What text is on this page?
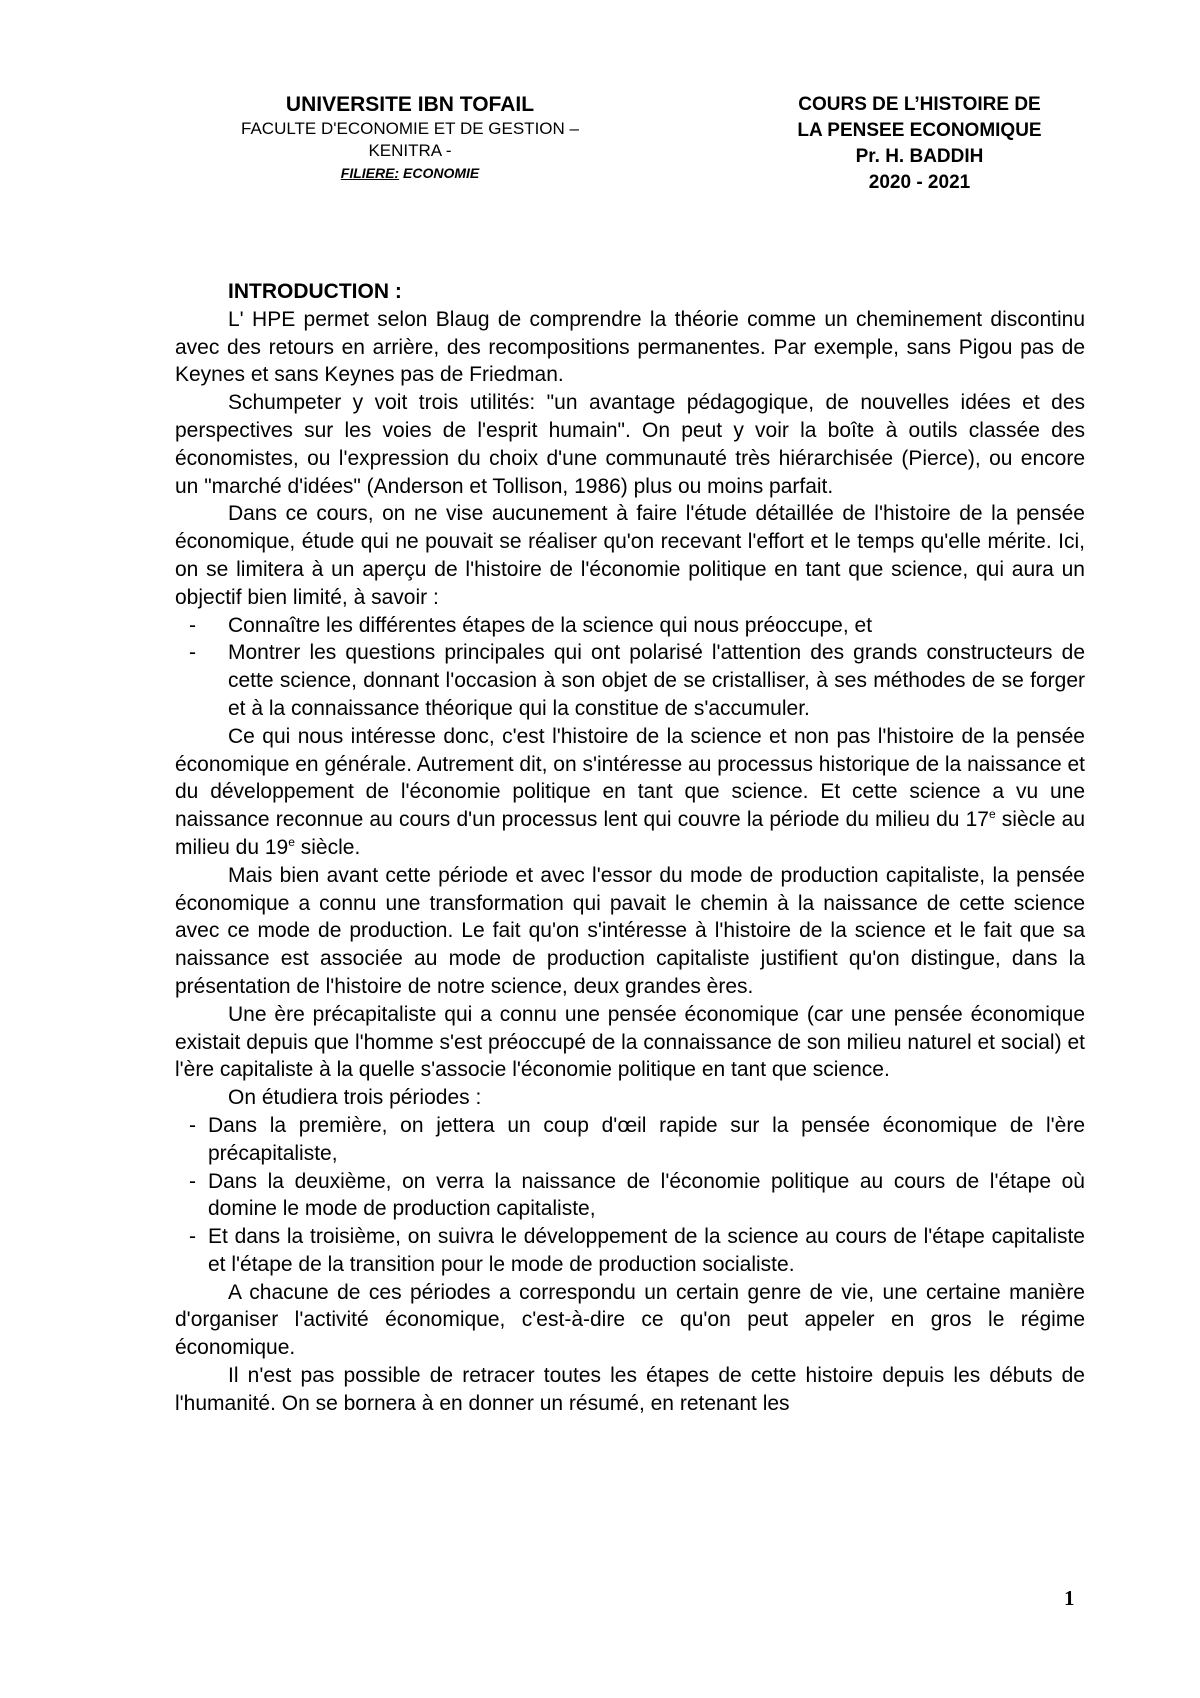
UNIVERSITE IBN TOFAIL
FACULTE D'ECONOMIE ET DE GESTION –
KENITRA -
FILIERE: ECONOMIE
COURS DE L’HISTOIRE DE
LA PENSEE ECONOMIQUE
Pr. H. BADDIH
2020 - 2021

INTRODUCTION :

L' HPE permet selon Blaug de comprendre la théorie comme un cheminement discontinu avec des retours en arrière, des recompositions permanentes. Par exemple, sans Pigou pas de Keynes et sans Keynes pas de Friedman.

Schumpeter y voit trois utilités: "un avantage pédagogique, de nouvelles idées et des perspectives sur les voies de l'esprit humain". On peut y voir la boîte à outils classée des économistes, ou l'expression du choix d'une communauté très hiérarchisée (Pierce), ou encore un "marché d'idées" (Anderson et Tollison, 1986) plus ou moins parfait.

Dans ce cours, on ne vise aucunement à faire l'étude détaillée de l'histoire de la pensée économique, étude qui ne pouvait se réaliser qu'on recevant l'effort et le temps qu'elle mérite. Ici, on se limitera à un aperçu de l'histoire de l'économie politique en tant que science, qui aura un objectif bien limité, à savoir :

- Connaître les différentes étapes de la science qui nous préoccupe, et

- Montrer les questions principales qui ont polarisé l'attention des grands constructeurs de cette science, donnant l'occasion à son objet de se cristalliser, à ses méthodes de se forger et à la connaissance théorique qui la constitue de s'accumuler.

Ce qui nous intéresse donc, c'est l'histoire de la science et non pas l'histoire de la pensée économique en générale. Autrement dit, on s'intéresse au processus historique de la naissance et du développement de l'économie politique en tant que science. Et cette science a vu une naissance reconnue au cours d'un processus lent qui couvre la période du milieu du 17e siècle au milieu du 19e siècle.

Mais bien avant cette période et avec l'essor du mode de production capitaliste, la pensée économique a connu une transformation qui pavait le chemin à la naissance de cette science avec ce mode de production. Le fait qu'on s'intéresse à l'histoire de la science et le fait que sa naissance est associée au mode de production capitaliste justifient qu'on distingue, dans la présentation de l'histoire de notre science, deux grandes ères.

Une ère précapitaliste qui a connu une pensée économique (car une pensée économique existait depuis que l'homme s'est préoccupé de la connaissance de son milieu naturel et social) et l'ère capitaliste à la quelle s'associe l'économie politique en tant que science.

On étudiera trois périodes :

- Dans la première, on jettera un coup d'œil rapide sur la pensée économique de l'ère précapitaliste,

- Dans la deuxième, on verra la naissance de l'économie politique au cours de l'étape où domine le mode de production capitaliste,

- Et dans la troisième, on suivra le développement de la science au cours de l'étape capitaliste et l'étape de la transition pour le mode de production socialiste.

A chacune de ces périodes a correspondu un certain genre de vie, une certaine manière d'organiser l'activité économique, c'est-à-dire ce qu'on peut appeler en gros le régime économique.

Il n'est pas possible de retracer toutes les étapes de cette histoire depuis les débuts de l'humanité. On se bornera à en donner un résumé, en retenant les

1
